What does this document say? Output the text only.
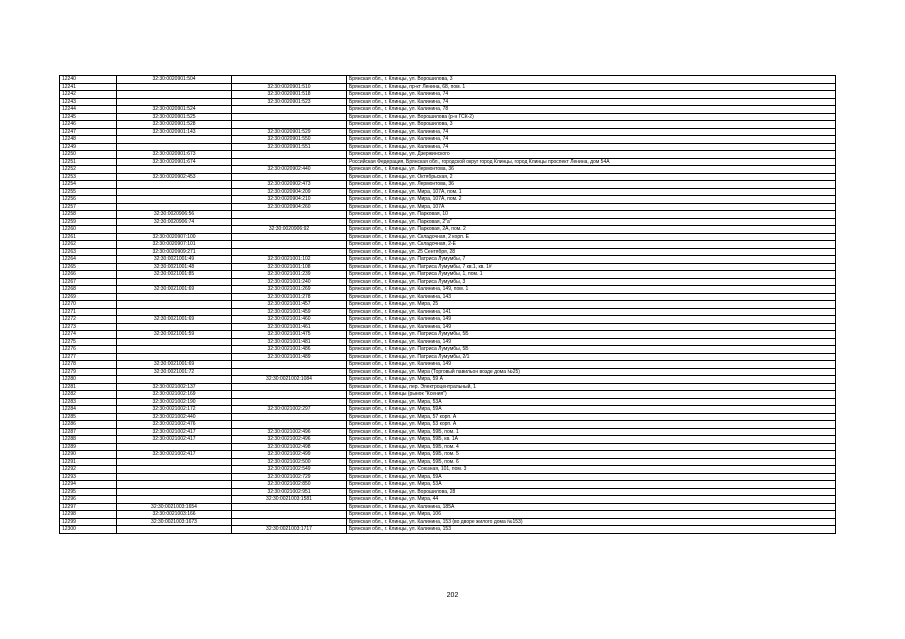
12240	32:30:0020901:504		Брянская обл., г. Клинцы, ул. Ворошилова, 3
12241		32:30:0020901:510	Брянская обл., г. Клинцы, пр-кт Ленина, 68, пом. 1
12242		32:30:0020901:518	Брянская обл., г. Клинцы, ул. Калинина, 74
12243		32:30:0020901:523	Брянская обл., г. Клинцы, ул. Калинина, 74
12244	32:30:0020901:524		Брянская обл., г. Клинцы, ул. Калинина, 78
12245	32:30:0020901:525		Брянская обл., г. Клинцы, ул. Ворошилова (р-н ГСК-2)
12246	32:30:0020901:528		Брянская обл., г. Клинцы, ул. Ворошилова, 3
12247	32:30:0020901:143	32:30:0020901:529	Брянская обл., г. Клинцы, ул. Калинина, 74
12248		32:30:0020901:550	Брянская обл., г. Клинцы, ул. Калинина, 74
12249		32:30:0020901:551	Брянская обл., г. Клинцы, ул. Калинина, 74
12250	32:30:0020901:673		Брянская обл., г. Клинцы, ул. Дзержинского
12251	32:30:0020901:674		Российская Федерация, Брянская обл., городской округ город Клинцы, город Клинцы проспект Ленина, дом 54А
12252		32:30:0020902:440	Брянская обл., г. Клинцы, ул. Лермонтова, 36
12253	32:30:0020902:453		Брянская обл., г. Клинцы, ул. Октябрьская, 2
12254		32:30:0020902:473	Брянская обл., г. Клинцы, ул. Лермонтова, 36
12255		32:30:0020904:209	Брянская обл., г. Клинцы, ул. Мира, 107А, пом. 1
12256		32:30:0020904:210	Брянская обл., г. Клинцы, ул. Мира, 107А, пом. 2
12257		32:30:0020904:260	Брянская обл., г. Клинцы, ул. Мира, 107А
12258	32:30:0020906:56		Брянская обл., г. Клинцы, ул. Парковая, 10
12259	32:30:0020906:74		Брянская обл., г. Клинцы, ул. Парковая, 2"а"
12260		32:30:0020906:92	Брянская обл., г. Клинцы, ул. Парковая, 2А, пом. 2
12261	32:30:0020907:100		Брянская обл., г. Клинцы, ул. Складочная, 2 корп. Е
12262	32:30:0020907:101		Брянская обл., г. Клинцы, ул. Складочная, 2-Е
12263	32:30:0020909:271		Брянская обл., г. Клинцы, ул. 25 Сентября, 28
12264	32:30:0021001:49	32:30:0021001:102	Брянская обл., г. Клинцы, ул. Патриса Лумумбы, 7
12265	32:30:0021001:48	32:30:0021001:108	Брянская обл., г. Клинцы, ул. Патриса Лумумбы, 7 кв.1, кв. 1#
12266	32:30:0021001:85	32:30:0021001:239	Брянская обл., г. Клинцы, ул. Патриса Лумумбы, 1, пом. 1
12267		32:30:0021001:240	Брянская обл., г. Клинцы, ул. Патриса Лумумбы, 3
12268	32:30:0021001:69	32:30:0021001:269	Брянская обл., г. Клинцы, ул. Калинина, 149, пом. 1
12269		32:30:0021001:278	Брянская обл., г. Клинцы, ул. Калинина, 143
12270		32:30:0021001:457	Брянская обл., г. Клинцы, ул. Мира, 25
12271		32:30:0021001:459	Брянская обл., г. Клинцы, ул. Калинина, 141
12272	32:30:0021001:69	32:30:0021001:460	Брянская обл., г. Клинцы, ул. Калинина, 149
12273		32:30:0021001:461	Брянская обл., г. Клинцы, ул. Калинина, 149
12274	32:30:0021001:59	32:30:0021001:475	Брянская обл., г. Клинцы, ул. Патриса Лумумбы, 5Б
12275		32:30:0021001:481	Брянская обл., г. Клинцы, ул. Калинина, 149
12276		32:30:0021001:486	Брянская обл., г. Клинцы, ул. Патриса Лумумбы, 5Б
12277		32:30:0021001:489	Брянская обл., г. Клинцы, ул. Патриса Лумумбы, 2/1
12278	32:30:0021001:69		Брянская обл., г. Клинцы, ул. Калинина, 149
12279	32:30:0021001:72		Брянская обл., г. Клинцы, ул. Мира (Торговый павильон возде дома №25)
12280		32:30:0021002:1084	Брянская обл., г. Клинцы, ул. Мира, 59 А
12281	32:30:0021002:137		Брянская обл., г. Клинцы, пер. Электроцентральный, 1
12282	32:30:0021002:169		Брянская обл., г. Клинцы (рынок "Ксения")
12283	32:30:0021002:190		Брянская обл., г. Клинцы, ул. Мира, 53А
12284	32:30:0021002:172	32:30:0021002:297	Брянская обл., г. Клинцы, ул. Мира, 59А
12285	32:30:0021002:440		Брянская обл., г. Клинцы, ул. Мира, 57 корп. А
12286	32:30:0021002:476		Брянская обл., г. Клинцы, ул. Мира, 53 корп. А
12287	32:30:0021002:417	32:30:0021002:496	Брянская обл., г. Клинцы, ул. Мира, 59Б, пом. 1
12288	32:30:0021002:417	32:30:0021002:496	Брянская обл., г. Клинцы, ул. Мира, 59Б, кв. 1А
12289		32:30:0021002:498	Брянская обл., г. Клинцы, ул. Мира, 59Б, пом. 4
12290	32:30:0021002:417	32:30:0021002:499	Брянская обл., г. Клинцы, ул. Мира, 59Б, пом. 5
12291		32:30:0021002:500	Брянская обл., г. Клинцы, ул. Мира, 59Б, пом. 6
12292		32:30:0021002:549	Брянская обл., г. Клинцы, ул. Союзная, 101, пом. 3
12293		32:30:0021002:729	Брянская обл., г. Клинцы, ул. Мира, 59А
12294		32:30:0021002:850	Брянская обл., г. Клинцы, ул. Мира, 53А
12295		32:30:0021002:951	Брянская обл., г. Клинцы, ул. Ворошилова, 28
12296		32:30:0021003:1581	Брянская обл., г. Клинцы, ул. Мира, 44
12297	32:30:0021003:1654		Брянская обл., г. Клинцы, ул. Калинина, 185А
12298	32:30:0021003:166		Брянская обл., г. Клинцы, ул. Мира, 106
12299	32:30:0021003:1673		Брянская обл., г. Клинцы, ул. Калинина, 153 (во дворе жилого дома №153)
12300		32:30:0021003:1717	Брянская обл., г. Клинцы, ул. Калинина, 153
202
